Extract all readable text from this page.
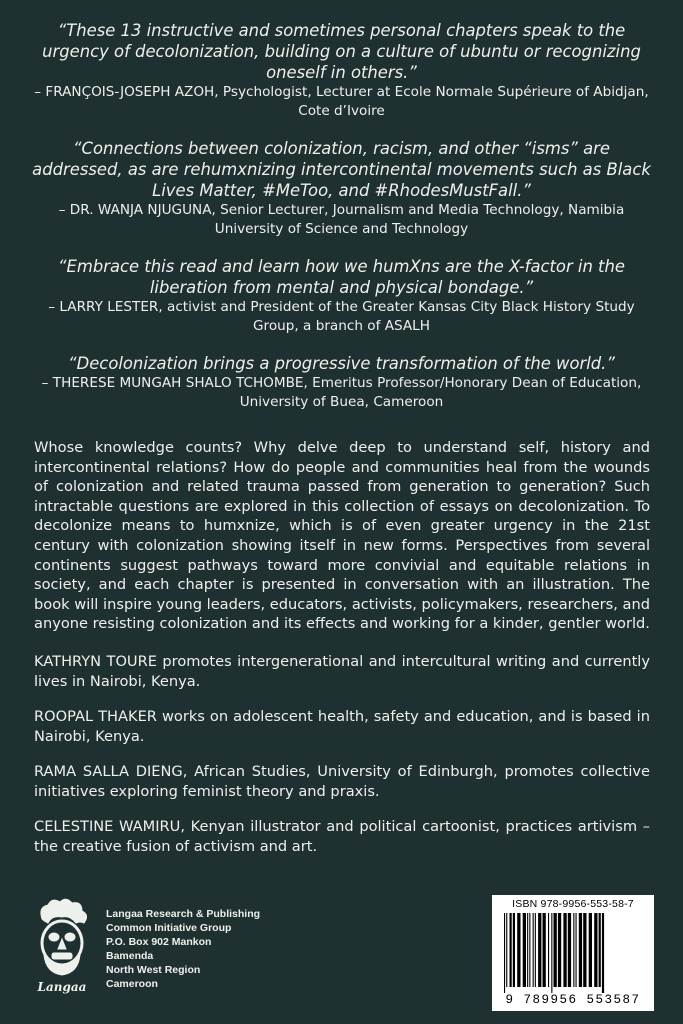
“These 13 instructive and sometimes personal chapters speak to the urgency of decolonization, building on a culture of ubuntu or recognizing oneself in others.”
– FRANÇOIS-JOSEPH AZOH, Psychologist, Lecturer at Ecole Normale Supérieure of Abidjan, Cote d’Ivoire
“Connections between colonization, racism, and other “isms” are addressed, as are rehumxnizing intercontinental movements such as Black Lives Matter, #MeToo, and #RhodesMustFall.”
– DR. WANJA NJUGUNA, Senior Lecturer, Journalism and Media Technology, Namibia University of Science and Technology
“Embrace this read and learn how we humXns are the X-factor in the liberation from mental and physical bondage.”
– LARRY LESTER, activist and President of the Greater Kansas City Black History Study Group, a branch of ASALH
“Decolonization brings a progressive transformation of the world.”
– THERESE MUNGAH SHALO TCHOMBE, Emeritus Professor/Honorary Dean of Education, University of Buea, Cameroon

Whose knowledge counts? Why delve deep to understand self, history and intercontinental relations? How do people and communities heal from the wounds of colonization and related trauma passed from generation to generation? Such intractable questions are explored in this collection of essays on decolonization. To decolonize means to humxnize, which is of even greater urgency in the 21st century with colonization showing itself in new forms. Perspectives from several continents suggest pathways toward more convivial and equitable relations in society, and each chapter is presented in conversation with an illustration. The book will inspire young leaders, educators, activists, policymakers, researchers, and anyone resisting colonization and its effects and working for a kinder, gentler world.

KATHRYN TOURE promotes intergenerational and intercultural writing and currently lives in Nairobi, Kenya.

ROOPAL THAKER works on adolescent health, safety and education, and is based in Nairobi, Kenya.

RAMA SALLA DIENG, African Studies, University of Edinburgh, promotes collective initiatives exploring feminist theory and praxis.

CELESTINE WAMIRU, Kenyan illustrator and political cartoonist, practices artivism – the creative fusion of activism and art.

Langaa
Langaa Research & Publishing
Common Initiative Group
P.O. Box 902 Mankon
Bamenda
North West Region
Cameroon
ISBN 978-9956-553-58-7
9 789956 553587
